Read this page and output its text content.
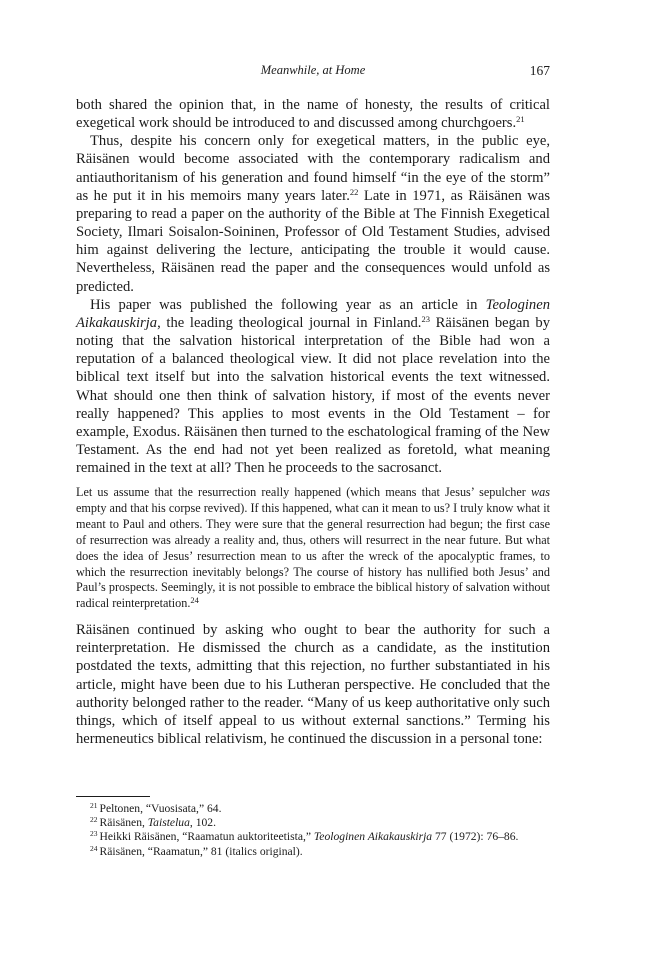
Meanwhile, at Home	167

both shared the opinion that, in the name of honesty, the results of critical exegetical work should be introduced to and discussed among churchgoers.$^{21}$

Thus, despite his concern only for exegetical matters, in the public eye, Räisänen would become associated with the contemporary radicalism and antiauthoritanism of his generation and found himself “in the eye of the storm” as he put it in his memoirs many years later.$^{22}$ Late in 1971, as Räisänen was preparing to read a paper on the authority of the Bible at The Finnish Exegetical Society, Ilmari Soisalon-Soininen, Professor of Old Testament Studies, advised him against delivering the lecture, anticipating the trouble it would cause. Nevertheless, Räisänen read the paper and the consequences would unfold as predicted.

His paper was published the following year as an article in Teologinen Aikakauskirja, the leading theological journal in Finland.$^{23}$ Räisänen began by noting that the salvation historical interpretation of the Bible had won a reputation of a balanced theological view. It did not place revelation into the biblical text itself but into the salvation historical events the text witnessed. What should one then think of salvation history, if most of the events never really happened? This applies to most events in the Old Testament – for example, Exodus. Räisänen then turned to the eschatological framing of the New Testament. As the end had not yet been realized as foretold, what meaning remained in the text at all? Then he proceeds to the sacrosanct.

Let us assume that the resurrection really happened (which means that Jesus’ sepulcher was empty and that his corpse revived). If this happened, what can it mean to us? I truly know what it meant to Paul and others. They were sure that the general resurrection had begun; the first case of resurrection was already a reality and, thus, others will resurrect in the near future. But what does the idea of Jesus’ resurrection mean to us after the wreck of the apocalyptic frames, to which the resurrection inevitably belongs? The course of history has nullified both Jesus’ and Paul’s prospects. Seemingly, it is not possible to embrace the biblical history of salvation without radical reinterpretation.$^{24}$

Räisänen continued by asking who ought to bear the authority for such a reinterpretation. He dismissed the church as a candidate, as the institution postdated the texts, admitting that this rejection, no further substantiated in his article, might have been due to his Lutheran perspective. He concluded that the authority belonged rather to the reader. “Many of us keep authoritative only such things, which of itself appeal to us without external sanctions.” Terming his hermeneutics biblical relativism, he continued the discussion in a personal tone:

$^{21}$ Peltonen, “Vuosisata,” 64.
$^{22}$ Räisänen, Taistelua, 102.
$^{23}$ Heikki Räisänen, “Raamatun auktoriteetista,” Teologinen Aikakauskirja 77 (1972): 76–86.
$^{24}$ Räisänen, “Raamatun,” 81 (italics original).
